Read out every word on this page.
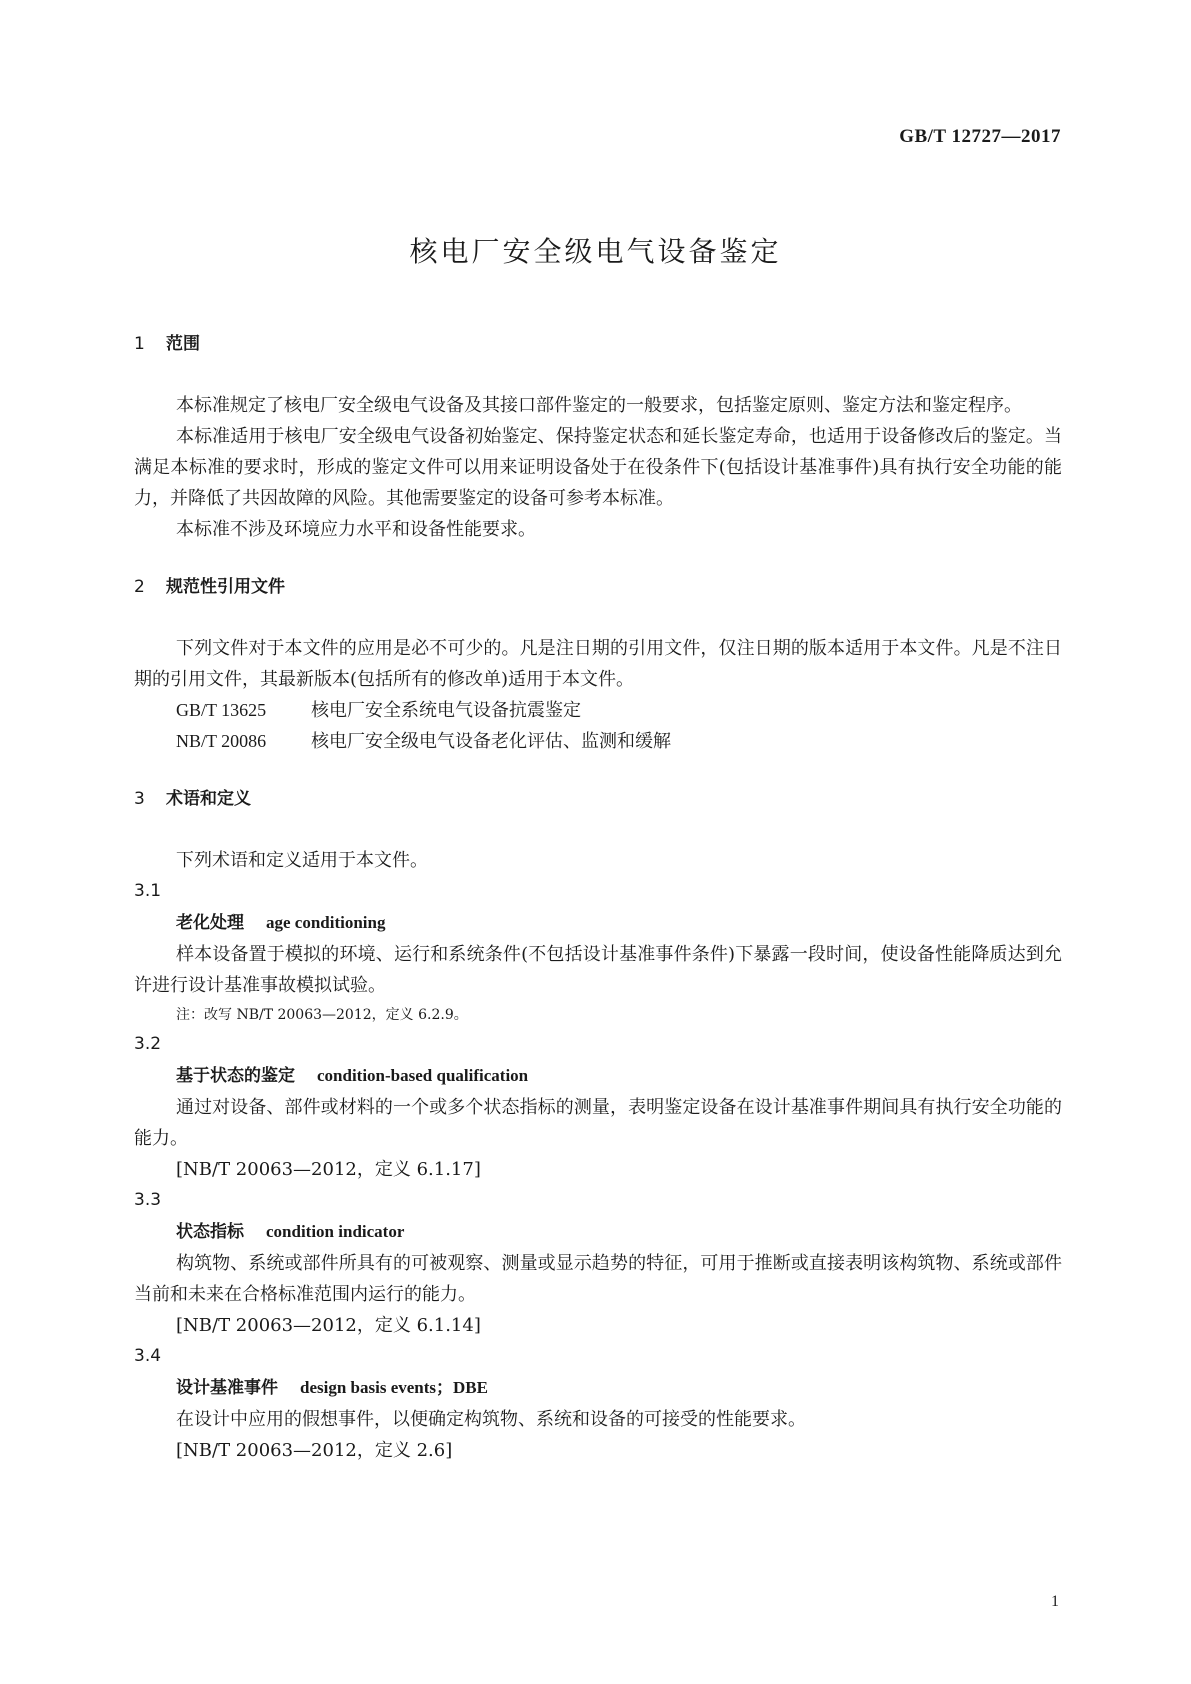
GB/T 12727—2017
核电厂安全级电气设备鉴定
1 范围

本标准规定了核电厂安全级电气设备及其接口部件鉴定的一般要求，包括鉴定原则、鉴定方法和鉴定程序。

本标准适用于核电厂安全级电气设备初始鉴定、保持鉴定状态和延长鉴定寿命，也适用于设备修改后的鉴定。当满足本标准的要求时，形成的鉴定文件可以用来证明设备处于在役条件下(包括设计基准事件)具有执行安全功能的能力，并降低了共因故障的风险。其他需要鉴定的设备可参考本标准。

本标准不涉及环境应力水平和设备性能要求。

2 规范性引用文件

下列文件对于本文件的应用是必不可少的。凡是注日期的引用文件，仅注日期的版本适用于本文件。凡是不注日期的引用文件，其最新版本(包括所有的修改单)适用于本文件。

GB/T 13625 核电厂安全系统电气设备抗震鉴定
NB/T 20086 核电厂安全级电气设备老化评估、监测和缓解
3 术语和定义

下列术语和定义适用于本文件。

3.1
老化处理 age conditioning

样本设备置于模拟的环境、运行和系统条件(不包括设计基准事件条件)下暴露一段时间，使设备性能降质达到允许进行设计基准事故模拟试验。

注：改写 NB/T 20063—2012，定义 6.2.9。
3.2
基于状态的鉴定 condition-based qualification

通过对设备、部件或材料的一个或多个状态指标的测量，表明鉴定设备在设计基准事件期间具有执行安全功能的能力。

[NB/T 20063—2012，定义 6.1.17]
3.3
状态指标 condition indicator

构筑物、系统或部件所具有的可被观察、测量或显示趋势的特征，可用于推断或直接表明该构筑物、系统或部件当前和未来在合格标准范围内运行的能力。

[NB/T 20063—2012，定义 6.1.14]
3.4
设计基准事件 design basis events；DBE

在设计中应用的假想事件，以便确定构筑物、系统和设备的可接受的性能要求。

[NB/T 20063—2012，定义 2.6]
1
